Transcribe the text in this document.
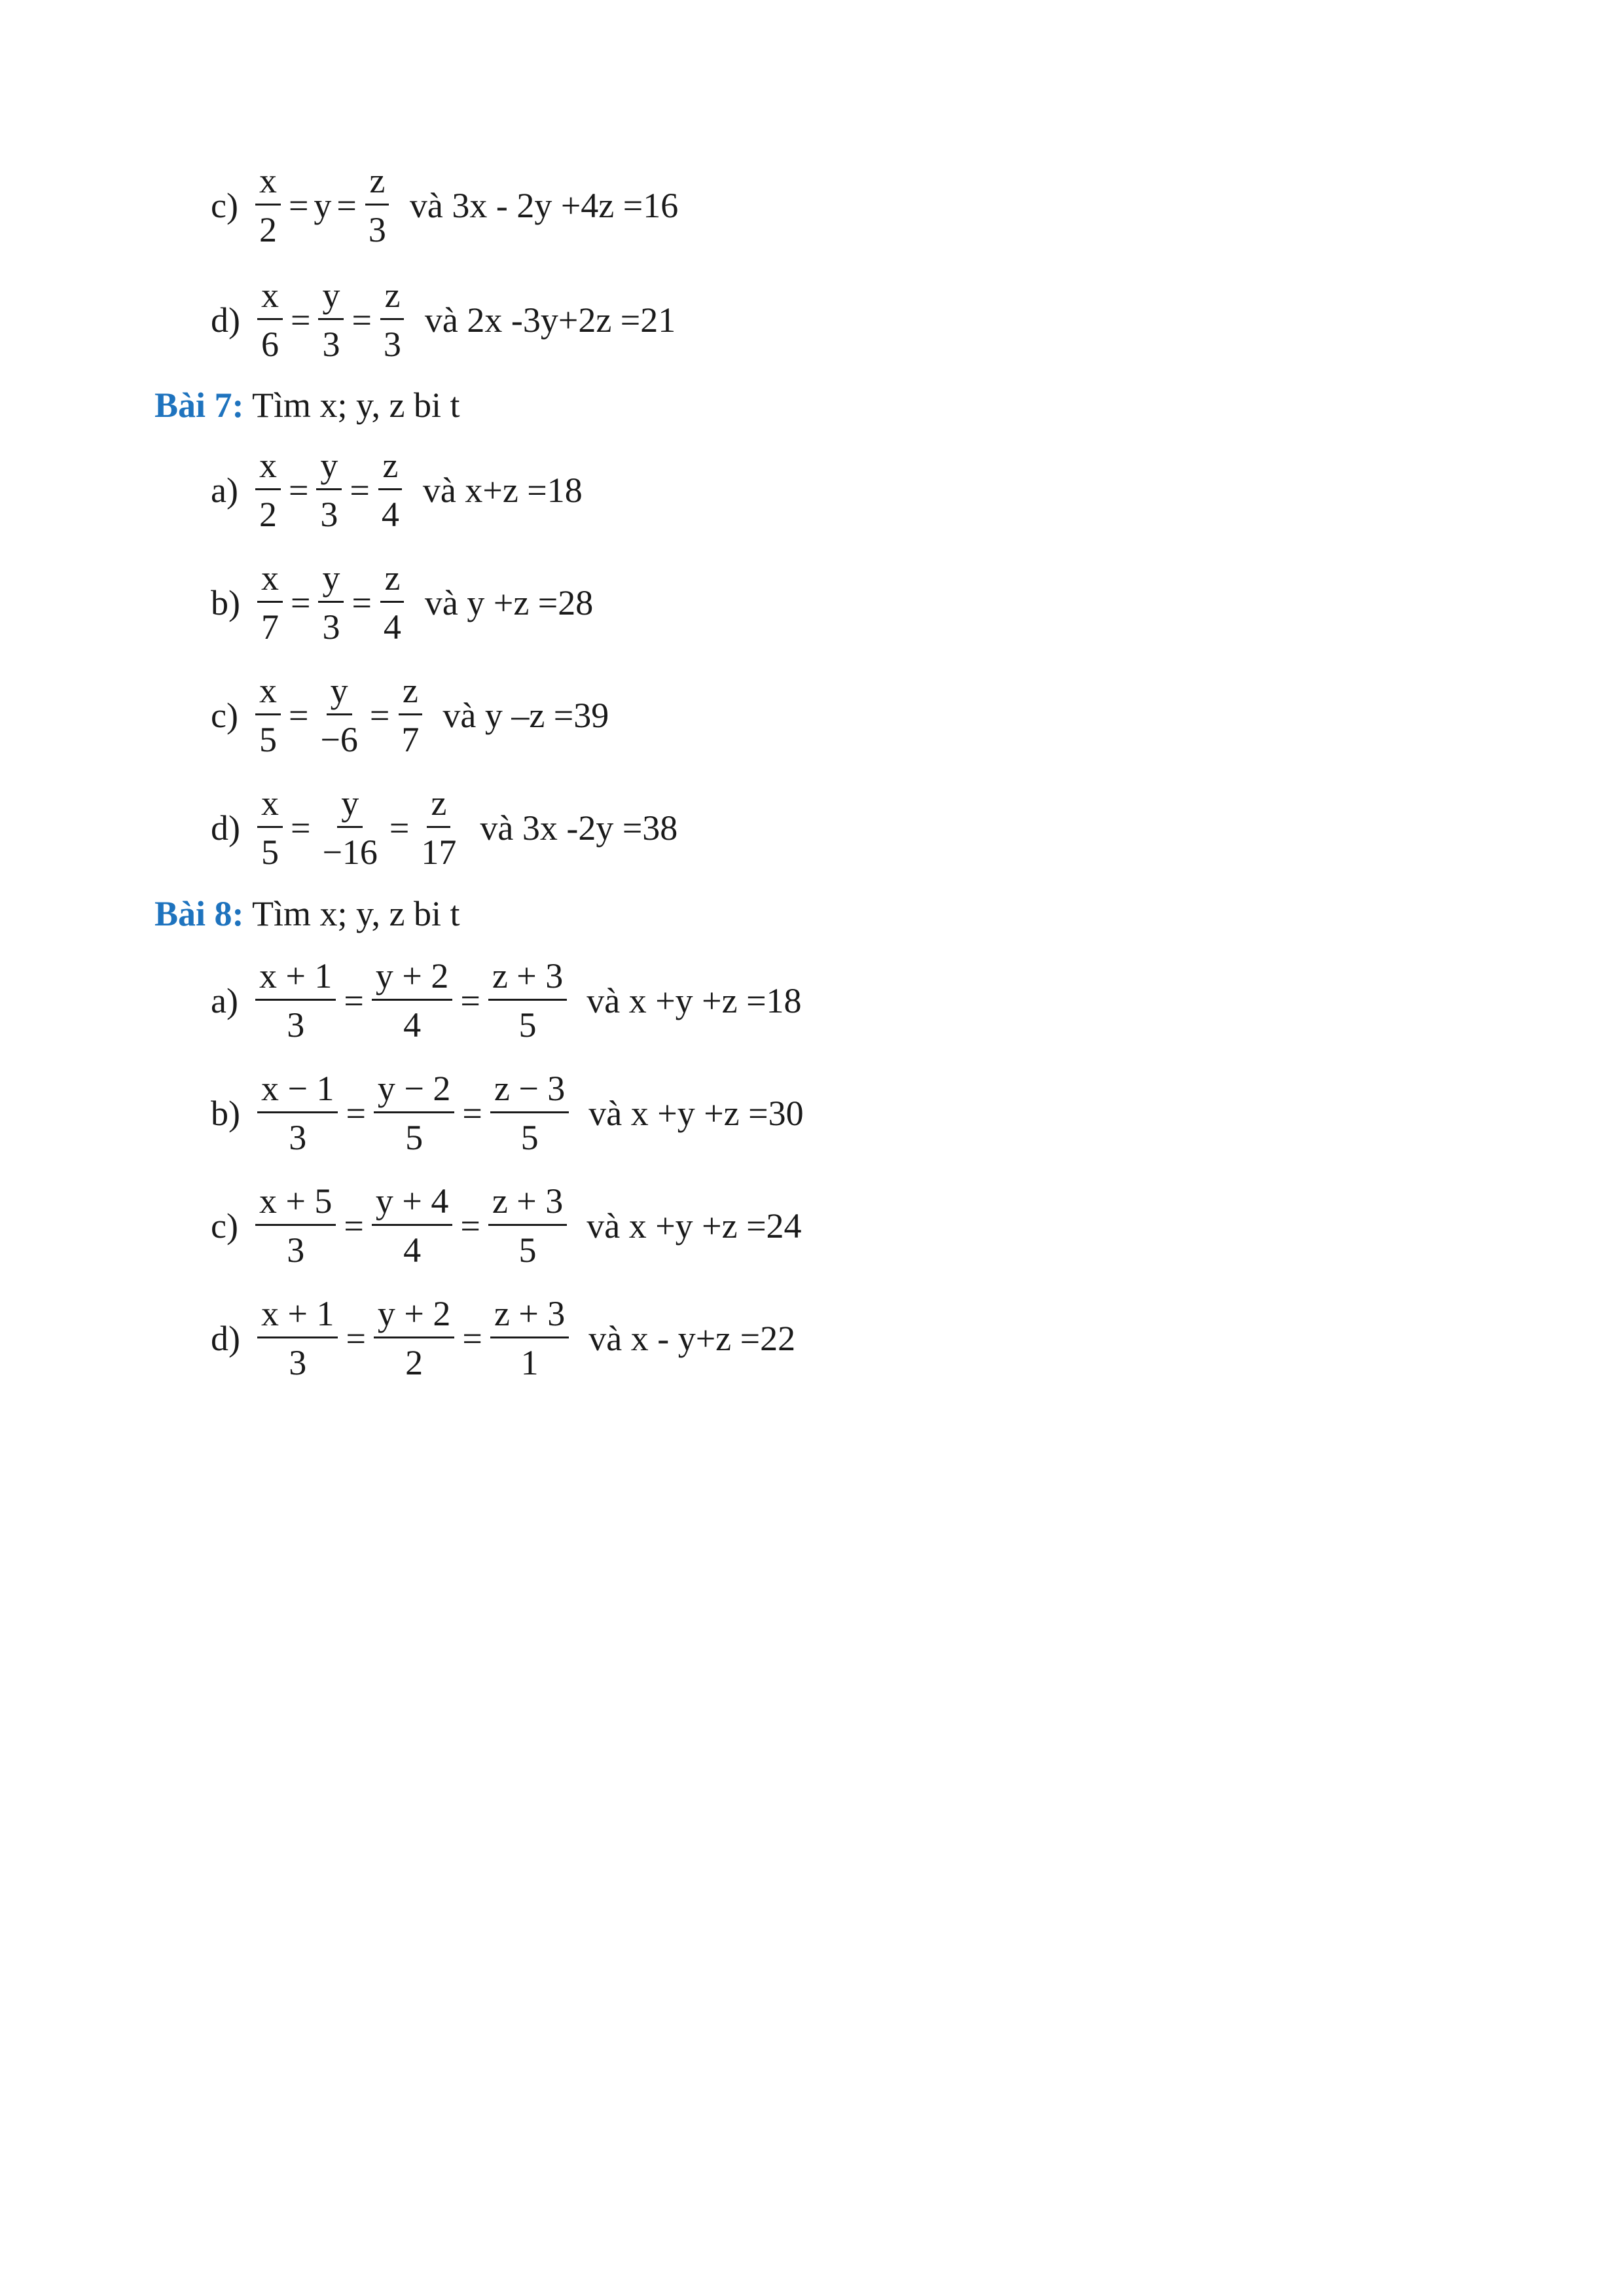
$c) \frac{x}{2} = y = \frac{z}{3}$ và 3x - 2y +4z =16
$d) \frac{x}{6} = \frac{y}{3} = \frac{z}{3}$ và 2x -3y+2z =21
Bài 7: Tìm x; y, z bi t
$a) \frac{x}{2} = \frac{y}{3} = \frac{z}{4}$ và x+z =18
$b) \frac{x}{7} = \frac{y}{3} = \frac{z}{4}$ và y +z =28
$c) \frac{x}{5} = \frac{y}{-6} = \frac{z}{7}$ và y –z =39
$d) \frac{x}{5} = \frac{y}{-16} = \frac{z}{17}$ và 3x -2y =38
Bài 8: Tìm x; y, z bi t
$a) \frac{x + 1}{3} = \frac{y + 2}{4} = \frac{z + 3}{5}$ và x +y +z =18
$b) \frac{x - 1}{3} = \frac{y - 2}{5} = \frac{z - 3}{5}$ và x +y +z =30
$c) \frac{x + 5}{3} = \frac{y + 4}{4} = \frac{z + 3}{5}$ và x +y +z =24
$d) \frac{x + 1}{3} = \frac{y + 2}{2} = \frac{z + 3}{1}$ và x - y+z =22
